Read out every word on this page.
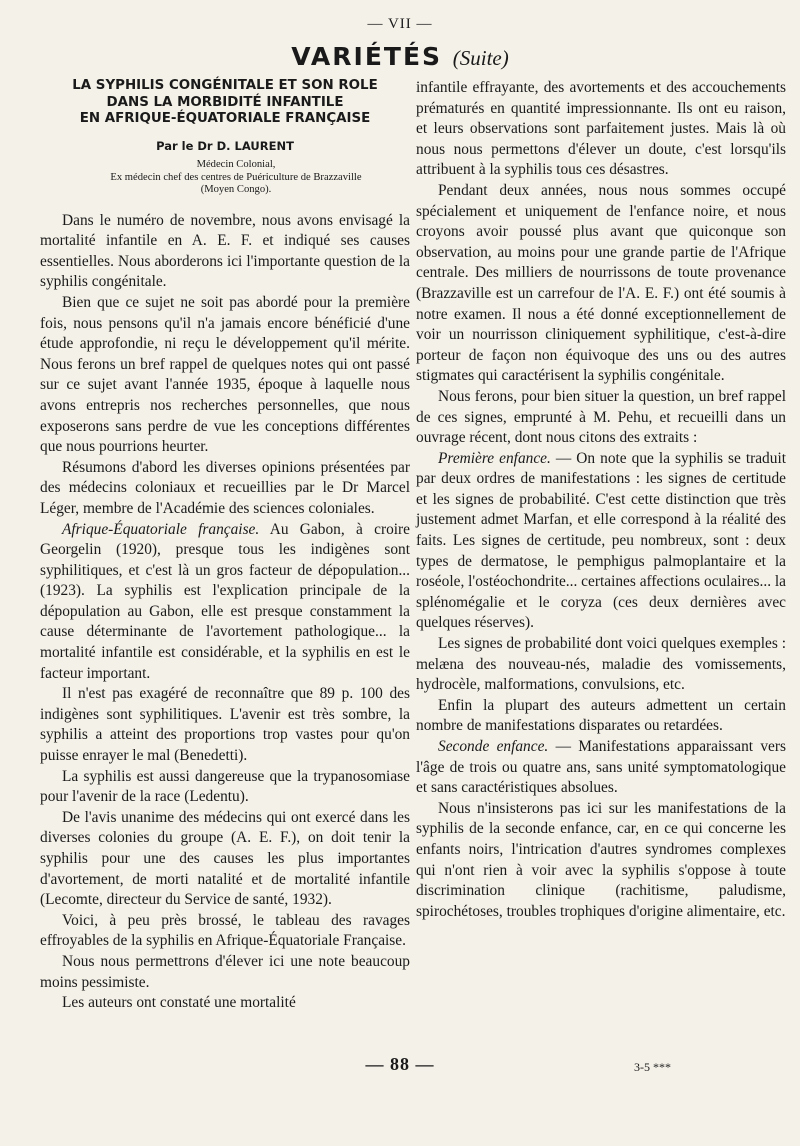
— VII —
VARIÉTÉS (Suite)
LA SYPHILIS CONGÉNITALE ET SON ROLE
DANS LA MORBIDITÉ INFANTILE
EN AFRIQUE-ÉQUATORIALE FRANÇAISE
Par le Dr D. LAURENT

Médecin Colonial,

Ex médecin chef des centres de Puériculture de Brazzaville

(Moyen Congo).

Dans le numéro de novembre, nous avons envisagé la mortalité infantile en A. E. F. et indiqué ses causes essentielles. Nous aborderons ici l'importante question de la syphilis congénitale.

Bien que ce sujet ne soit pas abordé pour la première fois, nous pensons qu'il n'a jamais encore bénéficié d'une étude approfondie, ni reçu le développement qu'il mérite. Nous ferons un bref rappel de quelques notes qui ont passé sur ce sujet avant l'année 1935, époque à laquelle nous avons entrepris nos recherches personnelles, que nous exposerons sans perdre de vue les conceptions différentes que nous pourrions heurter.

Résumons d'abord les diverses opinions présentées par des médecins coloniaux et recueillies par le Dr Marcel Léger, membre de l'Académie des sciences coloniales.

Afrique-Équatoriale française. Au Gabon, à croire Georgelin (1920), presque tous les indigènes sont syphilitiques, et c'est là un gros facteur de dépopulation... (1923). La syphilis est l'explication principale de la dépopulation au Gabon, elle est presque constamment la cause déterminante de l'avortement pathologique... la mortalité infantile est considérable, et la syphilis en est le facteur important.

Il n'est pas exagéré de reconnaître que 89 p. 100 des indigènes sont syphilitiques. L'avenir est très sombre, la syphilis a atteint des proportions trop vastes pour qu'on puisse enrayer le mal (Benedetti).

La syphilis est aussi dangereuse que la trypanosomiase pour l'avenir de la race (Ledentu).

De l'avis unanime des médecins qui ont exercé dans les diverses colonies du groupe (A. E. F.), on doit tenir la syphilis pour une des causes les plus importantes d'avortement, de morti natalité et de mortalité infantile (Lecomte, directeur du Service de santé, 1932).

Voici, à peu près brossé, le tableau des ravages effroyables de la syphilis en Afrique-Équatoriale Française.

Nous nous permettrons d'élever ici une note beaucoup moins pessimiste.

Les auteurs ont constaté une mortalité

infantile effrayante, des avortements et des accouchements prématurés en quantité impressionnante. Ils ont eu raison, et leurs observations sont parfaitement justes. Mais là où nous nous permettons d'élever un doute, c'est lorsqu'ils attribuent à la syphilis tous ces désastres.

Pendant deux années, nous nous sommes occupé spécialement et uniquement de l'enfance noire, et nous croyons avoir poussé plus avant que quiconque son observation, au moins pour une grande partie de l'Afrique centrale. Des milliers de nourrissons de toute provenance (Brazzaville est un carrefour de l'A. E. F.) ont été soumis à notre examen. Il nous a été donné exceptionnellement de voir un nourrisson cliniquement syphilitique, c'est-à-dire porteur de façon non équivoque des uns ou des autres stigmates qui caractérisent la syphilis congénitale.

Nous ferons, pour bien situer la question, un bref rappel de ces signes, emprunté à M. Pehu, et recueilli dans un ouvrage récent, dont nous citons des extraits :

Première enfance. — On note que la syphilis se traduit par deux ordres de manifestations : les signes de certitude et les signes de probabilité. C'est cette distinction que très justement admet Marfan, et elle correspond à la réalité des faits. Les signes de certitude, peu nombreux, sont : deux types de dermatose, le pemphigus palmoplantaire et la roséole, l'ostéochondrite... certaines affections oculaires... la splénomégalie et le coryza (ces deux dernières avec quelques réserves).

Les signes de probabilité dont voici quelques exemples : melæna des nouveau-nés, maladie des vomissements, hydrocèle, malformations, convulsions, etc.

Enfin la plupart des auteurs admettent un certain nombre de manifestations disparates ou retardées.

Seconde enfance. — Manifestations apparaissant vers l'âge de trois ou quatre ans, sans unité symptomatologique et sans caractéristiques absolues.

Nous n'insisterons pas ici sur les manifestations de la syphilis de la seconde enfance, car, en ce qui concerne les enfants noirs, l'intrication d'autres syndromes complexes qui n'ont rien à voir avec la syphilis s'oppose à toute discrimination clinique (rachitisme, paludisme, spirochétoses, troubles trophiques d'origine alimentaire, etc.

— 88 —	3-5 ***
